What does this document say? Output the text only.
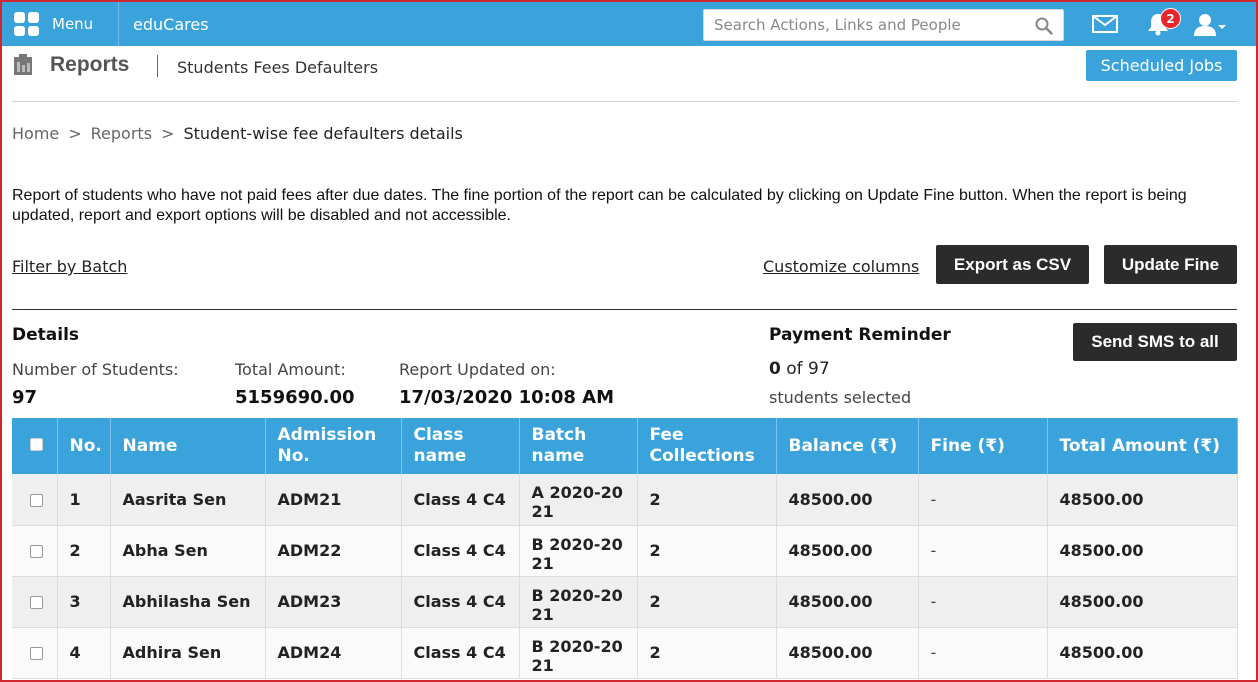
Menu eduCares
Search Actions, Links and People	2
Reports	Students Fees Defaulters	Scheduled Jobs
Home > Reports > Student-wise fee defaulters details
Report of students who have not paid fees after due dates. The fine portion of the report can be calculated by clicking on Update Fine button. When the report is being updated, report and export options will be disabled and not accessible.
Filter by Batch	Customize columns	Export as CSV	Update Fine
Details
Number of Students:
97
Total Amount:
5159690.00
Report Updated on:
17/03/2020 10:08 AM
Payment Reminder
0 of 97
students selected
Send SMS to all
	No.	Name	Admission No.	Class name	Batch name	Fee Collections	Balance (₹)	Fine (₹)	Total Amount (₹)
	1	Aasrita Sen	ADM21	Class 4 C4	A 2020-2021	2	48500.00	-	48500.00
	2	Abha Sen	ADM22	Class 4 C4	B 2020-2021	2	48500.00	-	48500.00
	3	Abhilasha Sen	ADM23	Class 4 C4	B 2020-2021	2	48500.00	-	48500.00
	4	Adhira Sen	ADM24	Class 4 C4	B 2020-2021	2	48500.00	-	48500.00
